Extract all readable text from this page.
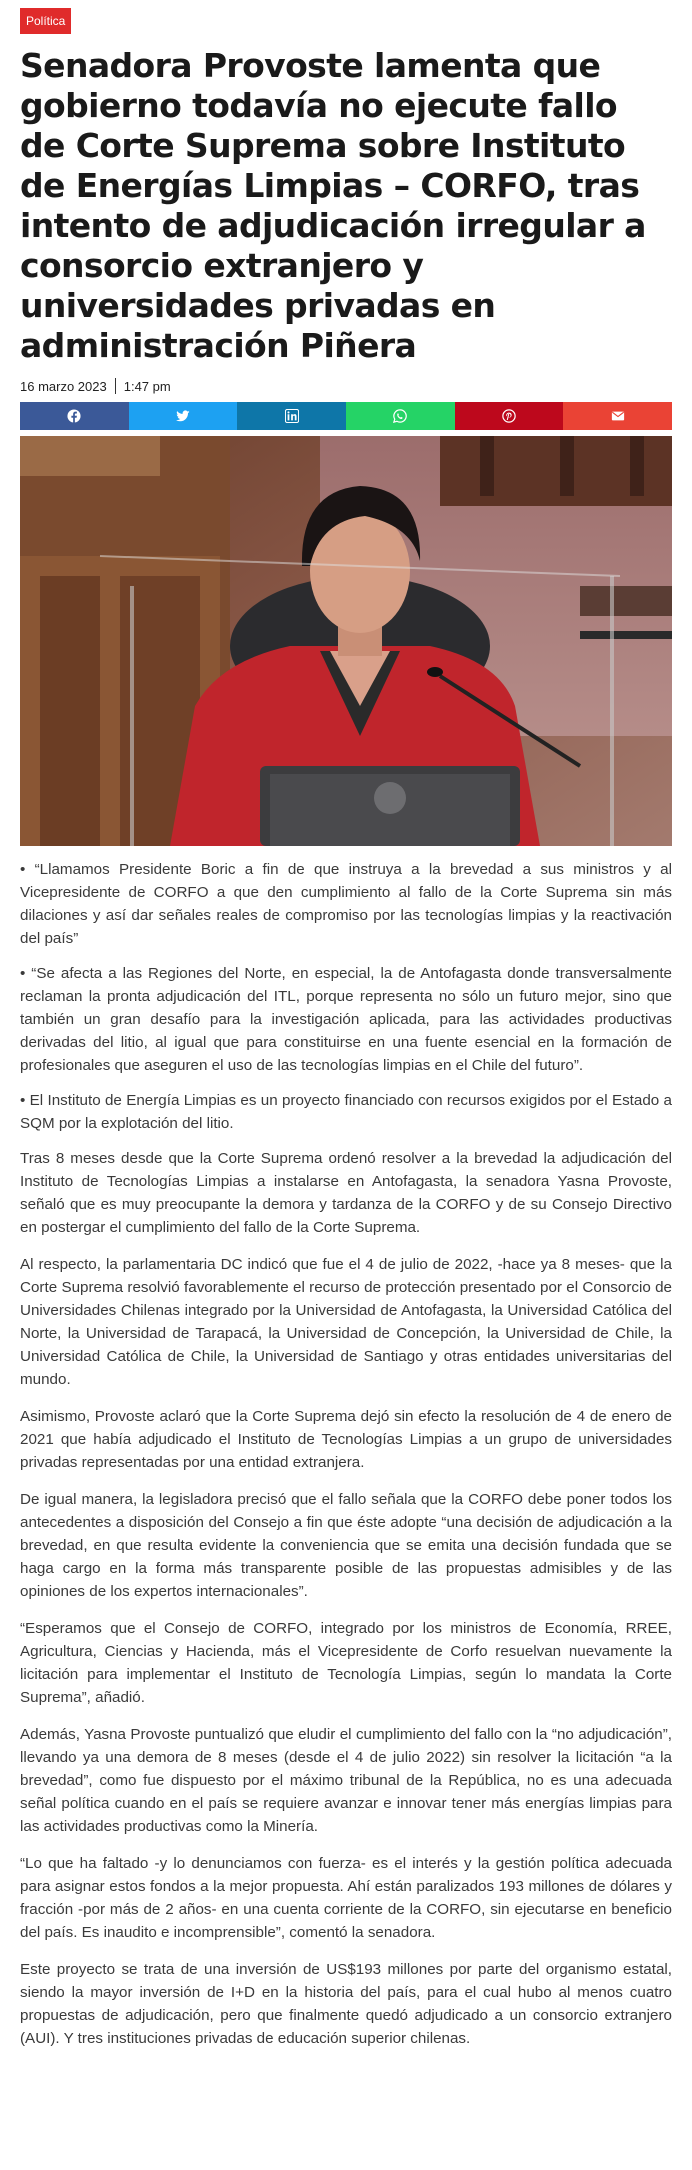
Política
Senadora Provoste lamenta que gobierno todavía no ejecute fallo de Corte Suprema sobre Instituto de Energías Limpias – CORFO, tras intento de adjudicación irregular a consorcio extranjero y universidades privadas en administración Piñera
16 marzo 2023 1:47 pm

• “Llamamos Presidente Boric a fin de que instruya a la brevedad a sus ministros y al Vicepresidente de CORFO a que den cumplimiento al fallo de la Corte Suprema sin más dilaciones y así dar señales reales de compromiso por las tecnologías limpias y la reactivación del país”

• “Se afecta a las Regiones del Norte, en especial, la de Antofagasta donde transversalmente reclaman la pronta adjudicación del ITL, porque representa no sólo un futuro mejor, sino que también un gran desafío para la investigación aplicada, para las actividades productivas derivadas del litio, al igual que para constituirse en una fuente esencial en la formación de profesionales que aseguren el uso de las tecnologías limpias en el Chile del futuro”.

• El Instituto de Energía Limpias es un proyecto financiado con recursos exigidos por el Estado a SQM por la explotación del litio.

Tras 8 meses desde que la Corte Suprema ordenó resolver a la brevedad la adjudicación del Instituto de Tecnologías Limpias a instalarse en Antofagasta, la senadora Yasna Provoste, señaló que es muy preocupante la demora y tardanza de la CORFO y de su Consejo Directivo en postergar el cumplimiento del fallo de la Corte Suprema.

Al respecto, la parlamentaria DC indicó que fue el 4 de julio de 2022, -hace ya 8 meses- que la Corte Suprema resolvió favorablemente el recurso de protección presentado por el Consorcio de Universidades Chilenas integrado por la Universidad de Antofagasta, la Universidad Católica del Norte, la Universidad de Tarapacá, la Universidad de Concepción, la Universidad de Chile, la Universidad Católica de Chile, la Universidad de Santiago y otras entidades universitarias del mundo.

Asimismo, Provoste aclaró que la Corte Suprema dejó sin efecto la resolución de 4 de enero de 2021 que había adjudicado el Instituto de Tecnologías Limpias a un grupo de universidades privadas representadas por una entidad extranjera.

De igual manera, la legisladora precisó que el fallo señala que la CORFO debe poner todos los antecedentes a disposición del Consejo a fin que éste adopte “una decisión de adjudicación a la brevedad, en que resulta evidente la conveniencia que se emita una decisión fundada que se haga cargo en la forma más transparente posible de las propuestas admisibles y de las opiniones de los expertos internacionales”.

“Esperamos que el Consejo de CORFO, integrado por los ministros de Economía, RREE, Agricultura, Ciencias y Hacienda, más el Vicepresidente de Corfo resuelvan nuevamente la licitación para implementar el Instituto de Tecnología Limpias, según lo mandata la Corte Suprema”, añadió.

Además, Yasna Provoste puntualizó que eludir el cumplimiento del fallo con la “no adjudicación”, llevando ya una demora de 8 meses (desde el 4 de julio 2022) sin resolver la licitación “a la brevedad”, como fue dispuesto por el máximo tribunal de la República, no es una adecuada señal política cuando en el país se requiere avanzar e innovar tener más energías limpias para las actividades productivas como la Minería.

“Lo que ha faltado -y lo denunciamos con fuerza- es el interés y la gestión política adecuada para asignar estos fondos a la mejor propuesta. Ahí están paralizados 193 millones de dólares y fracción -por más de 2 años- en una cuenta corriente de la CORFO, sin ejecutarse en beneficio del país. Es inaudito e incomprensible”, comentó la senadora.

Este proyecto se trata de una inversión de US$193 millones por parte del organismo estatal, siendo la mayor inversión de I+D en la historia del país, para el cual hubo al menos cuatro propuestas de adjudicación, pero que finalmente quedó adjudicado a un consorcio extranjero (AUI). Y tres instituciones privadas de educación superior chilenas.
